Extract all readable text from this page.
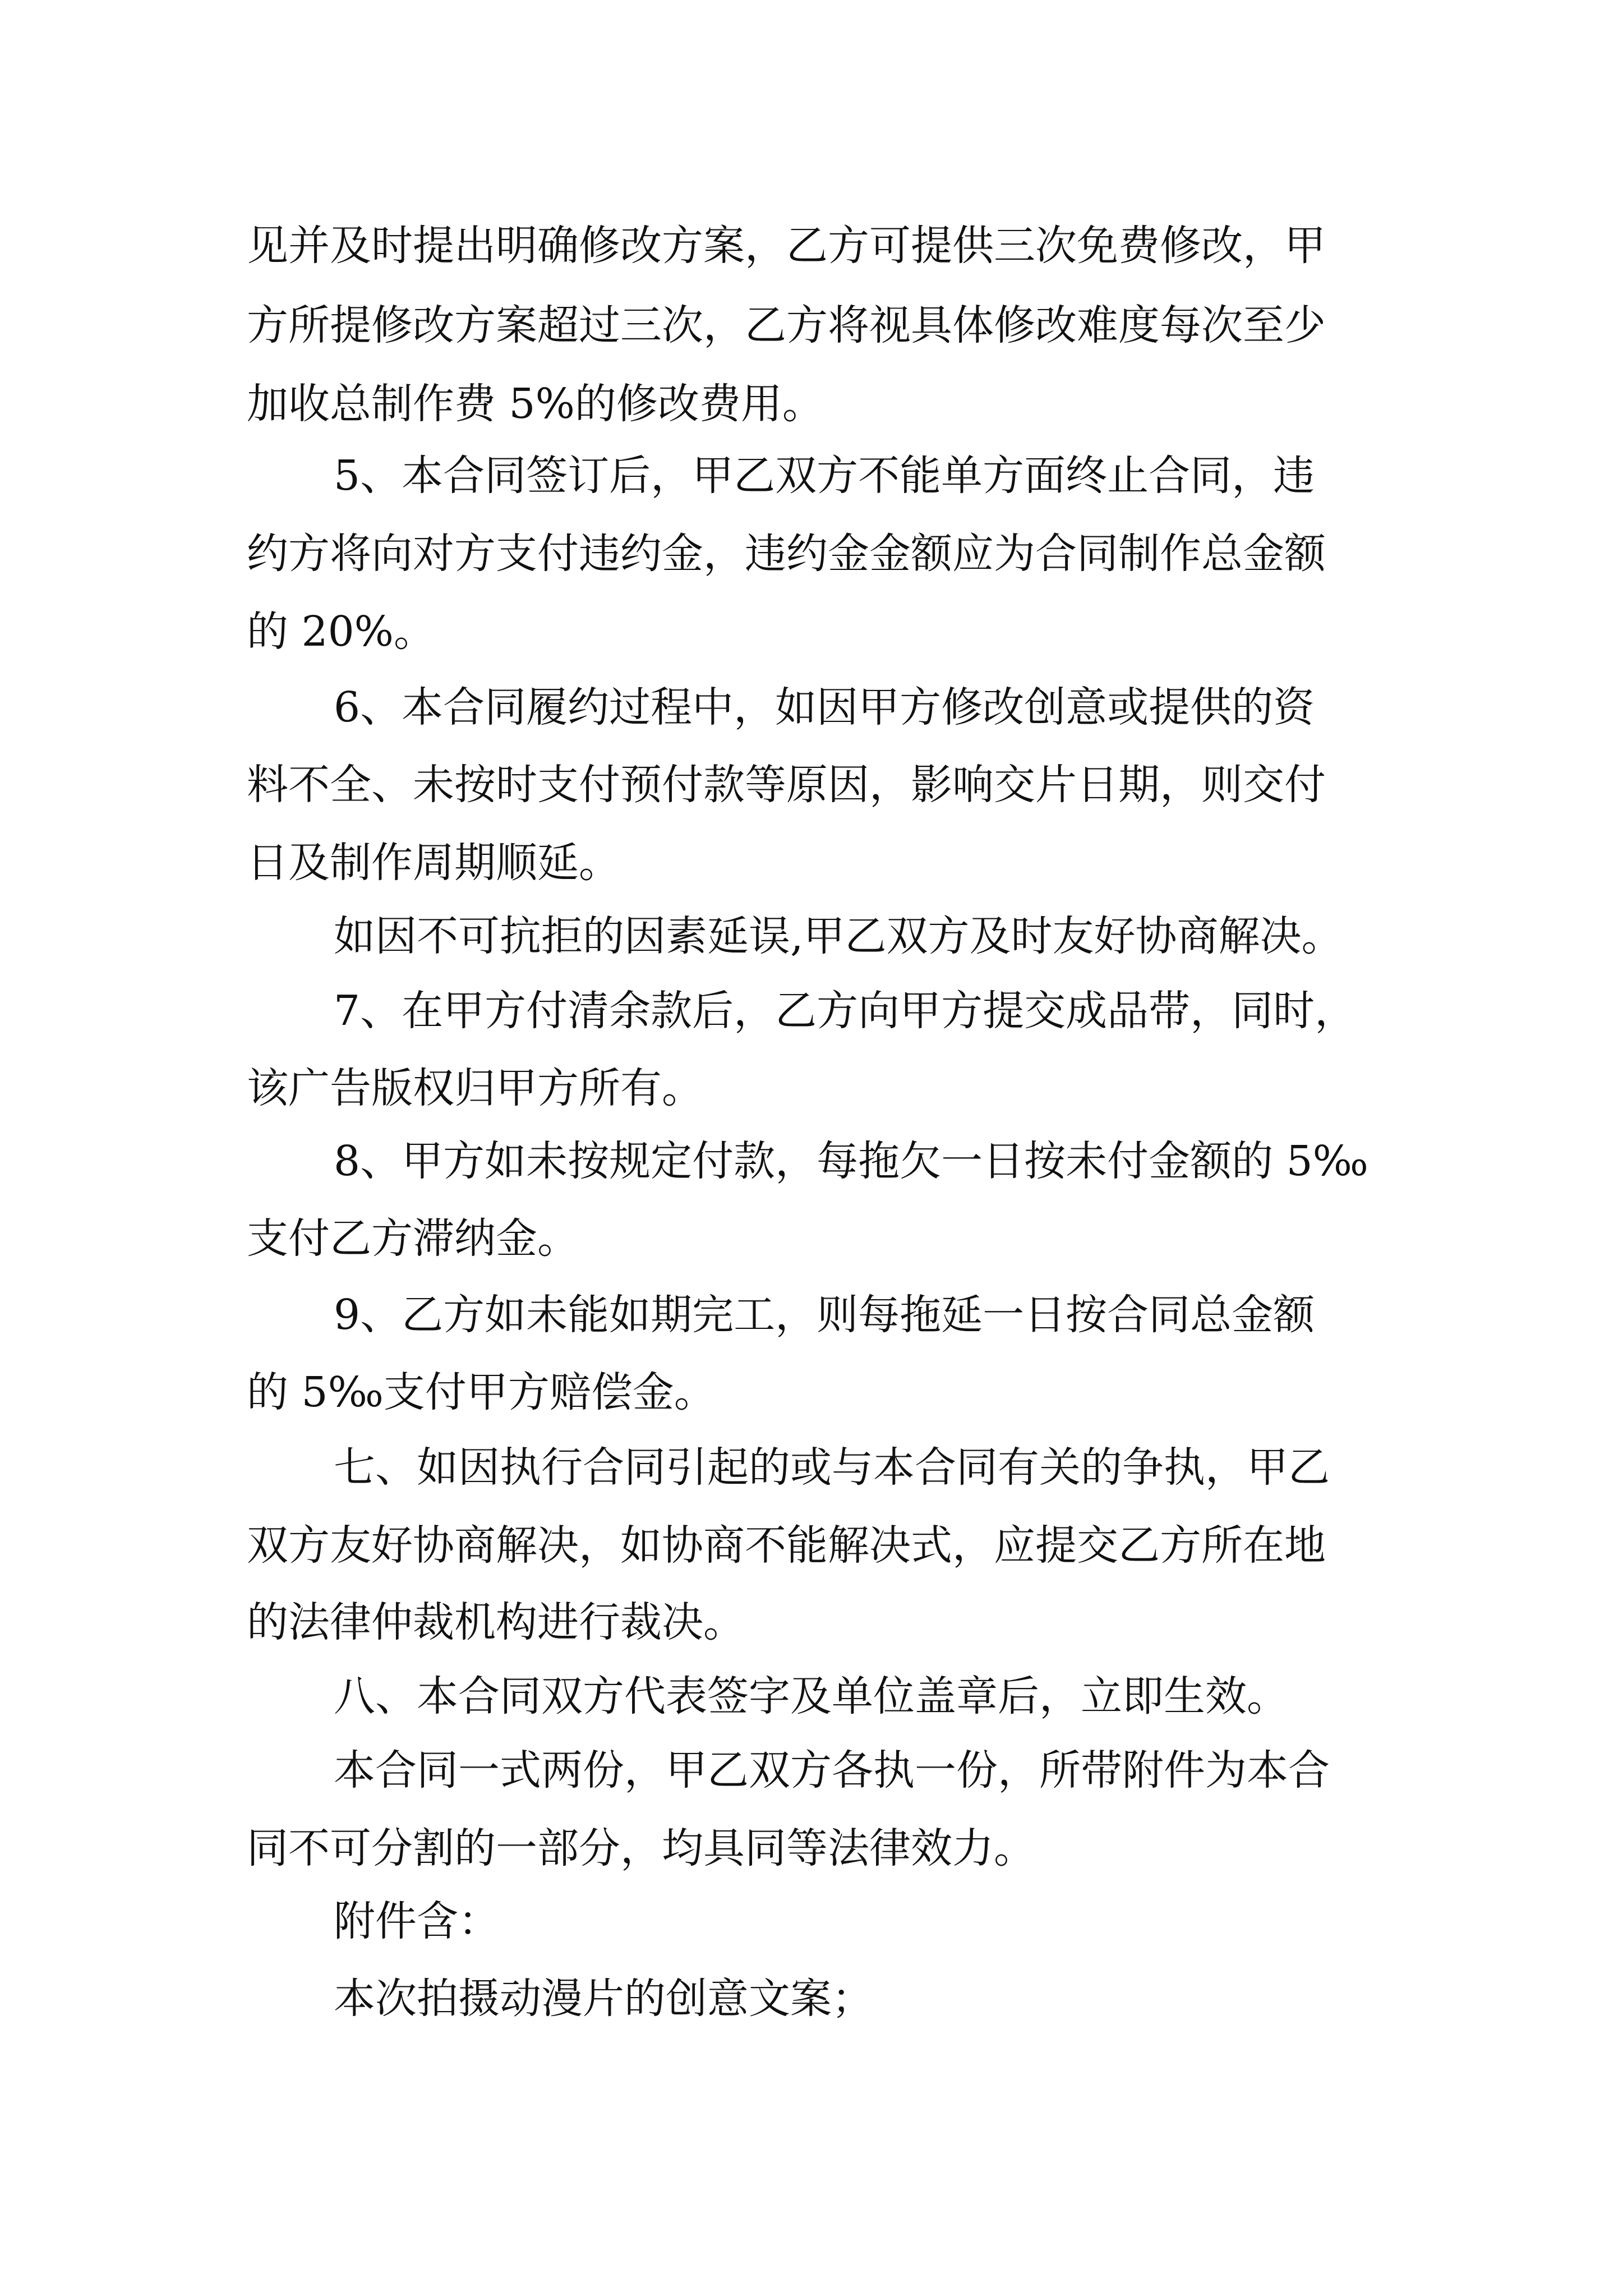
见并及时提出明确修改方案，乙方可提供三次免费修改，甲

方所提修改方案超过三次，乙方将视具体修改难度每次至少

加收总制作费 5%的修改费用。

5、本合同签订后，甲乙双方不能单方面终止合同，违

约方将向对方支付违约金，违约金金额应为合同制作总金额

的 20%。

6、本合同履约过程中，如因甲方修改创意或提供的资

料不全、未按时支付预付款等原因，影响交片日期，则交付

日及制作周期顺延。

如因不可抗拒的因素延误,甲乙双方及时友好协商解决。

7、在甲方付清余款后，乙方向甲方提交成品带，同时，

该广告版权归甲方所有。

8、甲方如未按规定付款，每拖欠一日按未付金额的 5‰

支付乙方滞纳金。

9、乙方如未能如期完工，则每拖延一日按合同总金额

的 5‰支付甲方赔偿金。

七、如因执行合同引起的或与本合同有关的争执，甲乙

双方友好协商解决，如协商不能解决式，应提交乙方所在地

的法律仲裁机构进行裁决。

八、本合同双方代表签字及单位盖章后，立即生效。

本合同一式两份，甲乙双方各执一份，所带附件为本合

同不可分割的一部分，均具同等法律效力。

附件含：

本次拍摄动漫片的创意文案；
